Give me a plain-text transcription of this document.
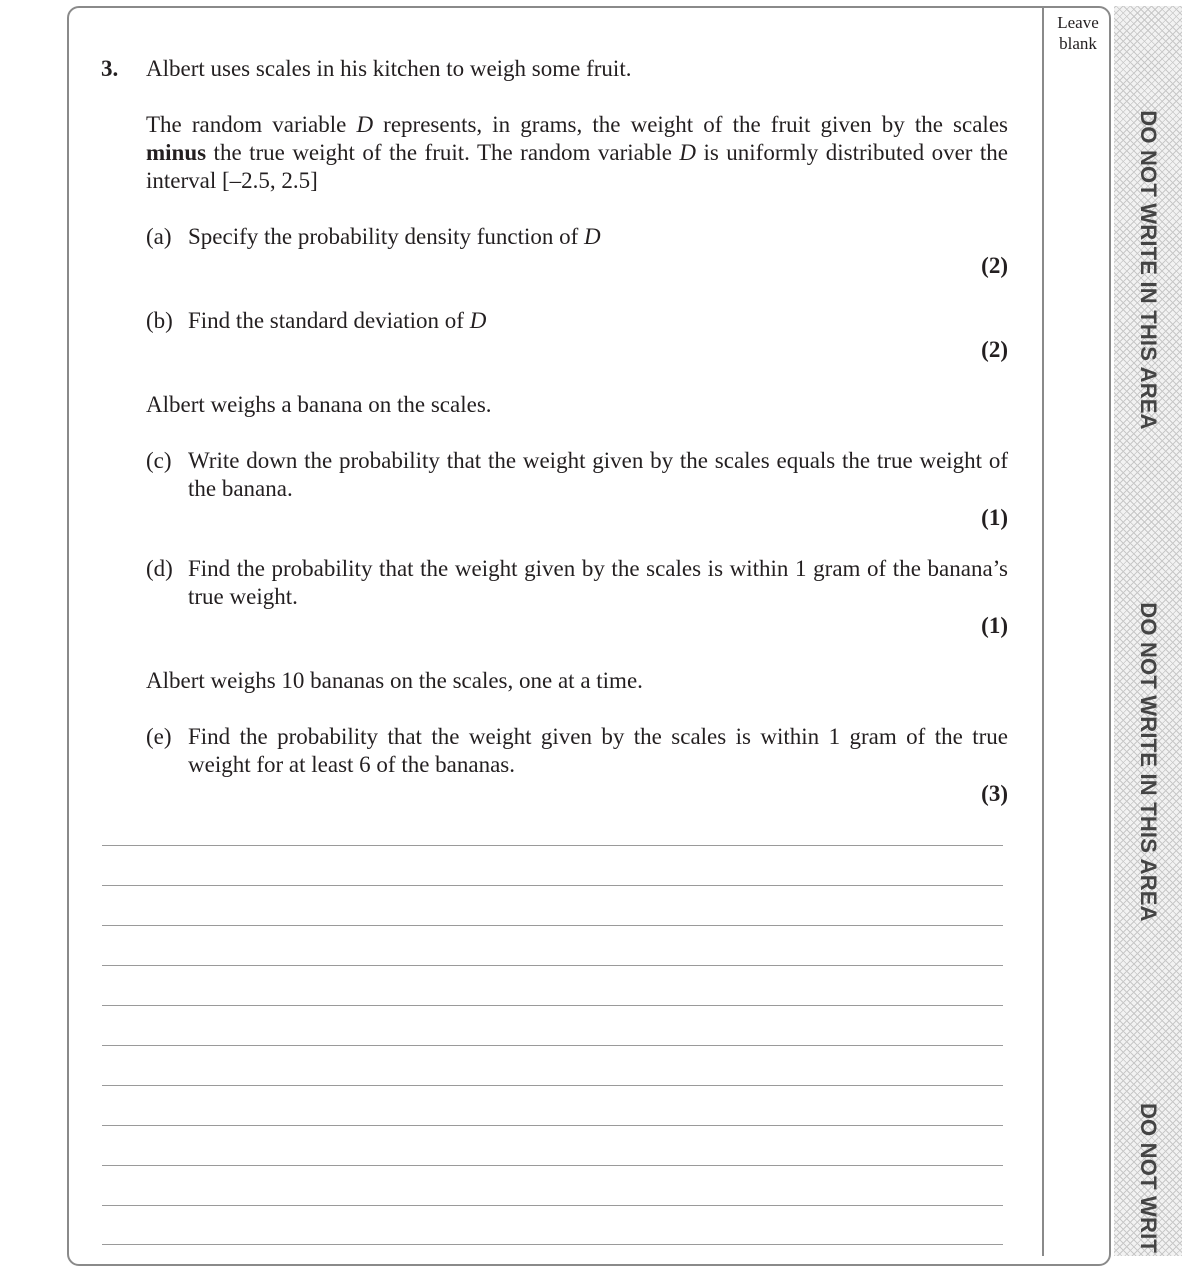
Leave
blank
DO NOT WRITE IN THIS AREA
DO NOT WRITE IN THIS AREA
DO NOT WRIT
3. Albert uses scales in his kitchen to weigh some fruit.
The random variable D represents, in grams, the weight of the fruit given by the scales minus the true weight of the fruit. The random variable D is uniformly distributed over the interval [–2.5, 2.5]
(a) Specify the probability density function of D
(2)
(b) Find the standard deviation of D
(2)
Albert weighs a banana on the scales.
(c) Write down the probability that the weight given by the scales equals the true weight of the banana.
(1)
(d) Find the probability that the weight given by the scales is within 1 gram of the banana’s true weight.
(1)
Albert weighs 10 bananas on the scales, one at a time.
(e) Find the probability that the weight given by the scales is within 1 gram of the true weight for at least 6 of the bananas.
(3)
